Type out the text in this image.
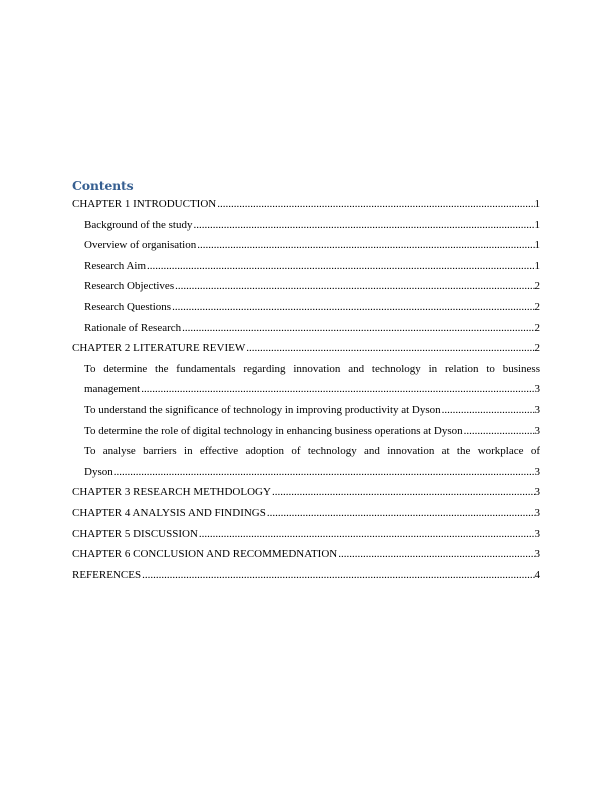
Contents
CHAPTER 1 INTRODUCTION .....	1
Background of the study .....	1
Overview of organisation .....	1
Research Aim .....	1
Research Objectives .....	2
Research Questions .....	2
Rationale of Research .....	2
CHAPTER 2 LITERATURE REVIEW .....	2
To determine the fundamentals regarding innovation and technology in relation to business
management .....	3
To understand the significance of technology in improving productivity at Dyson .....	3
To determine the role of digital technology in enhancing business operations at Dyson .....	3
To analyse barriers in effective adoption of technology and innovation at the workplace of
Dyson .....	3
CHAPTER 3 RESEARCH METHDOLOGY .....	3
CHAPTER 4 ANALYSIS AND FINDINGS .....	3
CHAPTER 5 DISCUSSION .....	3
CHAPTER 6 CONCLUSION AND RECOMMEDNATION .....	3
REFERENCES .....	4
